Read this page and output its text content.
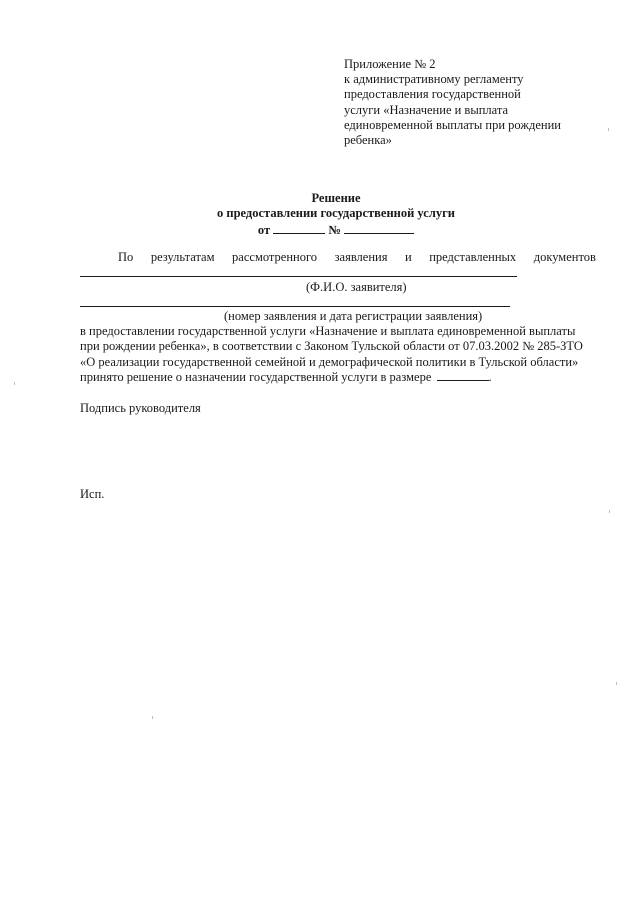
Приложение № 2
к административному регламенту
предоставления государственной
услуги «Назначение и выплата
единовременной выплаты при рождении
ребенка»
Решение
о предоставлении государственной услуги
от	№
По результатам рассмотренного заявления и представленных документов
(Ф.И.О. заявителя)
(номер заявления и дата регистрации заявления)
в предоставлении государственной услуги «Назначение и выплата единовременной выплаты
при рождении ребенка», в соответствии с Законом Тульской области от 07.03.2002 № 285-ЗТО
«О реализации государственной семейной и демографической политики в Тульской области»
принято решение о назначении государственной услуги в размере	.
Подпись руководителя
Исп.
